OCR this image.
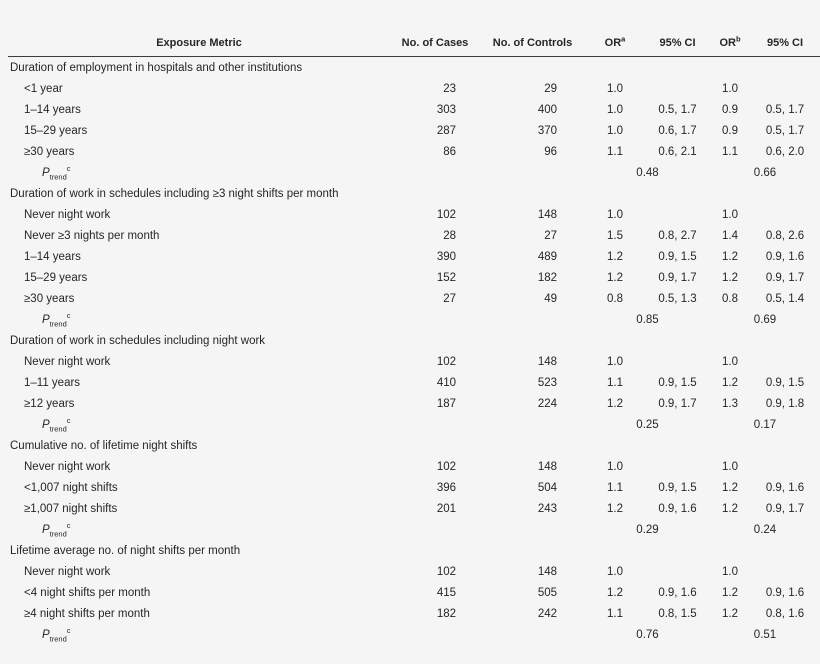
Exposure Metric	No. of Cases	No. of Controls	$OR^a$	95% CI	$OR^b$	95% CI
Duration of employment in hospitals and other institutions						
<1 year	23	29	1.0		1.0	
1–14 years	303	400	1.0	0.5, 1.7	0.9	0.5, 1.7
15–29 years	287	370	1.0	0.6, 1.7	0.9	0.5, 1.7
≥30 years	86	96	1.1	0.6, 2.1	1.1	0.6, 2.0
$P_{trend}^c$			0.48		0.66	
Duration of work in schedules including ≥3 night shifts per month						
Never night work	102	148	1.0		1.0	
Never ≥3 nights per month	28	27	1.5	0.8, 2.7	1.4	0.8, 2.6
1–14 years	390	489	1.2	0.9, 1.5	1.2	0.9, 1.6
15–29 years	152	182	1.2	0.9, 1.7	1.2	0.9, 1.7
≥30 years	27	49	0.8	0.5, 1.3	0.8	0.5, 1.4
$P_{trend}^c$			0.85		0.69	
Duration of work in schedules including night work						
Never night work	102	148	1.0		1.0	
1–11 years	410	523	1.1	0.9, 1.5	1.2	0.9, 1.5
≥12 years	187	224	1.2	0.9, 1.7	1.3	0.9, 1.8
$P_{trend}^c$			0.25		0.17	
Cumulative no. of lifetime night shifts						
Never night work	102	148	1.0		1.0	
<1,007 night shifts	396	504	1.1	0.9, 1.5	1.2	0.9, 1.6
≥1,007 night shifts	201	243	1.2	0.9, 1.6	1.2	0.9, 1.7
$P_{trend}^c$			0.29		0.24	
Lifetime average no. of night shifts per month						
Never night work	102	148	1.0		1.0	
<4 night shifts per month	415	505	1.2	0.9, 1.6	1.2	0.9, 1.6
≥4 night shifts per month	182	242	1.1	0.8, 1.5	1.2	0.8, 1.6
$P_{trend}^c$			0.76		0.51	
